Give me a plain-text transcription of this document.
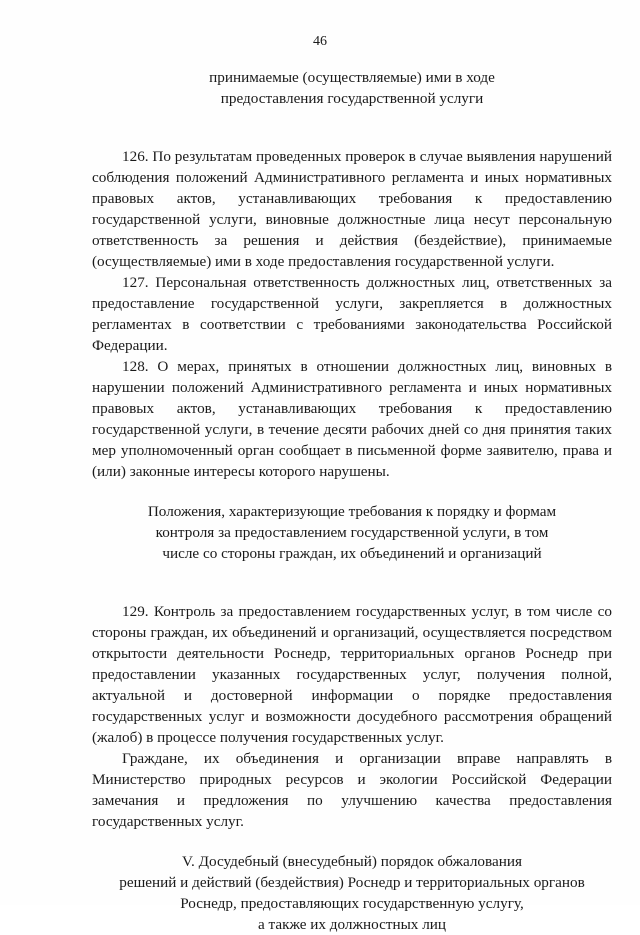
46
принимаемые (осуществляемые) ими в ходе
предоставления государственной услуги

126. По результатам проведенных проверок в случае выявления нарушений соблюдения положений Административного регламента и иных нормативных правовых актов, устанавливающих требования к предоставлению государственной услуги, виновные должностные лица несут персональную ответственность за решения и действия (бездействие), принимаемые (осуществляемые) ими в ходе предоставления государственной услуги.

127. Персональная ответственность должностных лиц, ответственных за предоставление государственной услуги, закрепляется в должностных регламентах в соответствии с требованиями законодательства Российской Федерации.

128. О мерах, принятых в отношении должностных лиц, виновных в нарушении положений Административного регламента и иных нормативных правовых актов, устанавливающих требования к предоставлению государственной услуги, в течение десяти рабочих дней со дня принятия таких мер уполномоченный орган сообщает в письменной форме заявителю, права и (или) законные интересы которого нарушены.

Положения, характеризующие требования к порядку и формам
контроля за предоставлением государственной услуги, в том
числе со стороны граждан, их объединений и организаций

129. Контроль за предоставлением государственных услуг, в том числе со стороны граждан, их объединений и организаций, осуществляется посредством открытости деятельности Роснедр, территориальных органов Роснедр при предоставлении указанных государственных услуг, получения полной, актуальной и достоверной информации о порядке предоставления государственных услуг и возможности досудебного рассмотрения обращений (жалоб) в процессе получения государственных услуг.

Граждане, их объединения и организации вправе направлять в Министерство природных ресурсов и экологии Российской Федерации замечания и предложения по улучшению качества предоставления государственных услуг.

V. Досудебный (внесудебный) порядок обжалования
решений и действий (бездействия) Роснедр и территориальных органов
Роснедр, предоставляющих государственную услугу,
а также их должностных лиц
